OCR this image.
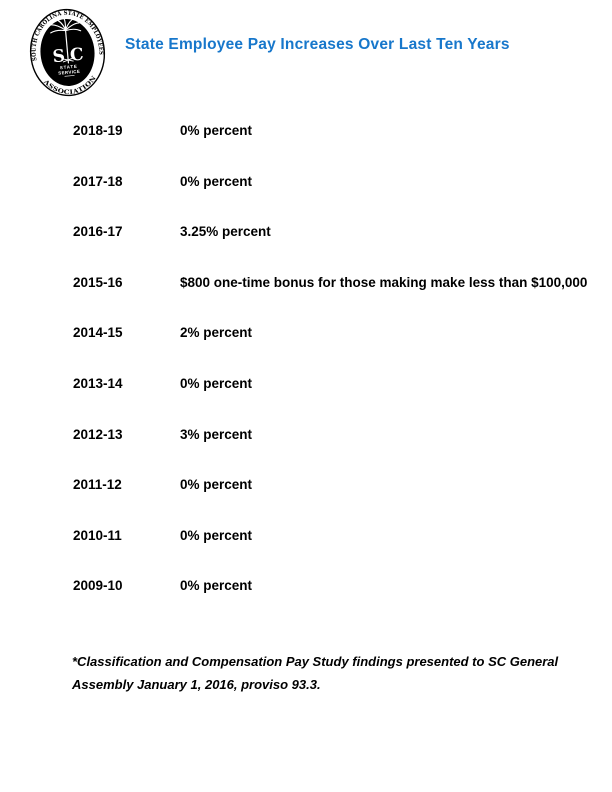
SOUTH CAROLINA STATE EMPLOYEES
ASSOCIATION
S C
STATE
SERVICE
State Employee Pay Increases Over Last Ten Years
2018-19	0% percent
2017-18	0% percent
2016-17	3.25% percent
2015-16	$800 one-time bonus for those making make less than $100,000
2014-15	2% percent
2013-14	0% percent
2012-13	3% percent
2011-12	0% percent
2010-11	0% percent
2009-10	0% percent
*Classification and Compensation Pay Study findings presented to SC General
Assembly January 1, 2016, proviso 93.3.
